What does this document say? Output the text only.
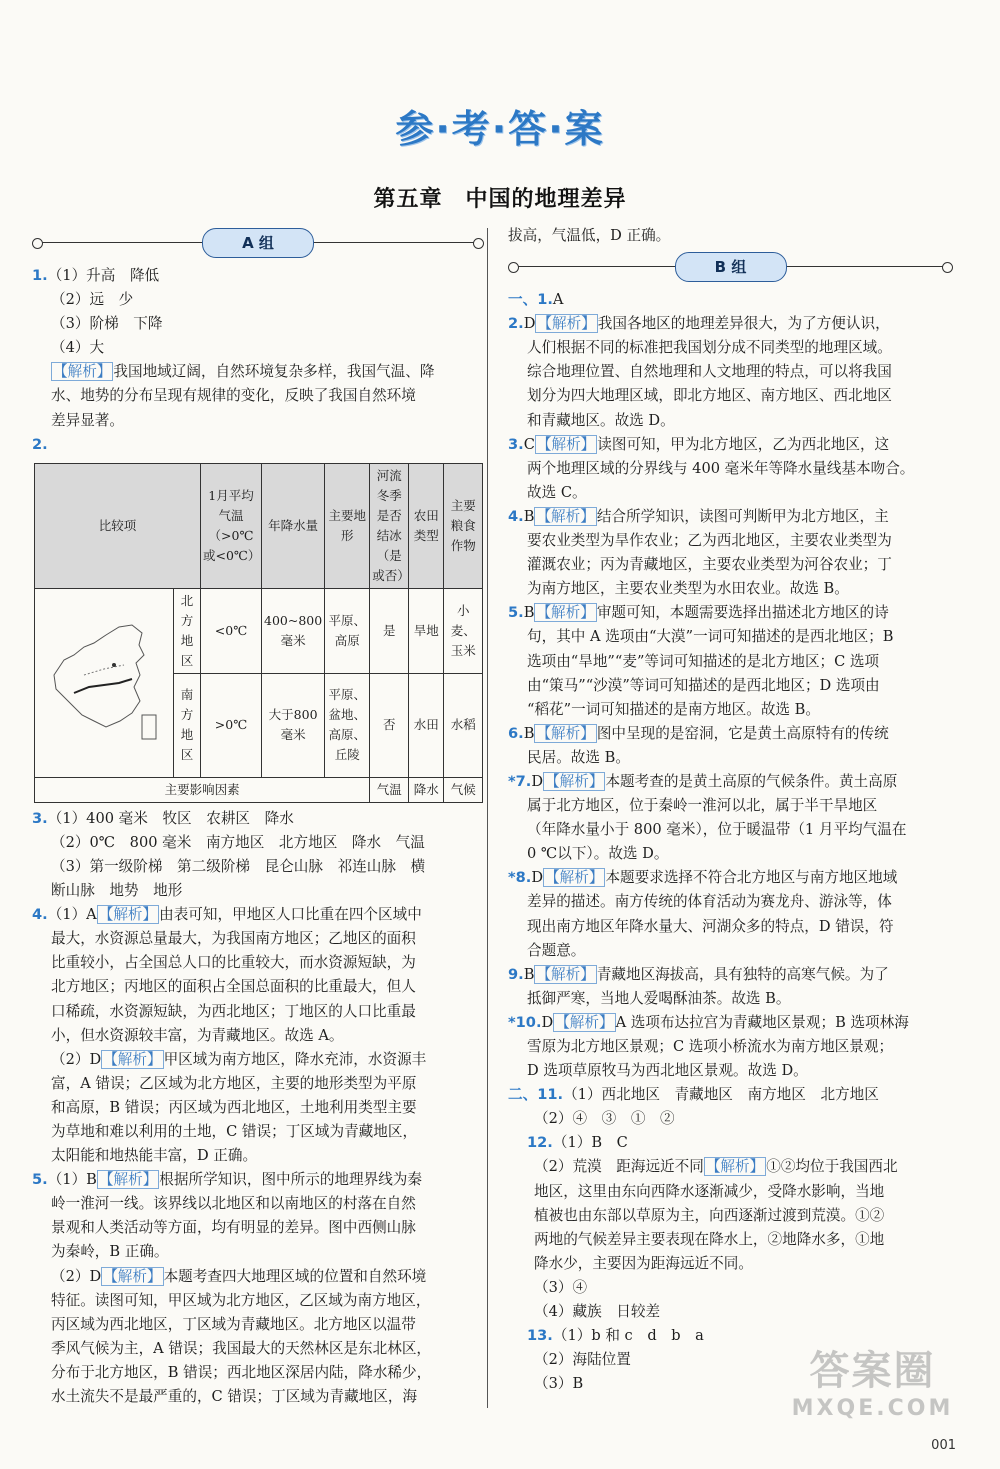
参·考·答·案
第五章　中国的地理差异
A 组
1.（1）升高　降低
（2）远　少
（3）阶梯　下降
（4）大
【解析】 我国地域辽阔，自然环境复杂多样，我国气温、降
水、地势的分布呈现有规律的变化，反映了我国自然环境
差异显著。
2.
比较项		1月平均气温（>0℃或<0℃）	年降水量	主要地形	河流冬季是否结冰（是或否）	农田类型	主要粮食作物
	北方地区	<0℃	400~800毫米	平原、高原	是	旱地	小麦、玉米
	南方地区	>0℃	大于800毫米	平原、盆地、高原、丘陵	否	水田	水稻
主要影响因素					气温	降水	气候
3.（1）400 毫米　牧区　农耕区　降水
（2）0℃　800 毫米　南方地区　北方地区　降水　气温
（3）第一级阶梯　第二级阶梯　昆仑山脉　祁连山脉　横
断山脉　地势　地形
4.（1）A 【解析】 由表可知，甲地区人口比重在四个区域中
最大，水资源总量最大，为我国南方地区；乙地区的面积
比重较小，占全国总人口的比重较大，而水资源短缺，为
北方地区；丙地区的面积占全国总面积的比重最大，但人
口稀疏，水资源短缺，为西北地区；丁地区的人口比重最
小，但水资源较丰富，为青藏地区。故选 A。
（2）D 【解析】 甲区域为南方地区，降水充沛，水资源丰
富，A 错误；乙区域为北方地区，主要的地形类型为平原
和高原，B 错误；丙区域为西北地区，土地利用类型主要
为草地和难以利用的土地，C 错误；丁区域为青藏地区，
太阳能和地热能丰富，D 正确。
5.（1）B 【解析】 根据所学知识，图中所示的地理界线为秦
岭一淮河一线。该界线以北地区和以南地区的村落在自然
景观和人类活动等方面，均有明显的差异。图中西侧山脉
为秦岭，B 正确。
（2）D 【解析】 本题考查四大地理区域的位置和自然环境
特征。读图可知，甲区域为北方地区，乙区域为南方地区，
丙区域为西北地区，丁区域为青藏地区。北方地区以温带
季风气候为主，A 错误；我国最大的天然林区是东北林区，
分布于北方地区，B 错误；西北地区深居内陆，降水稀少，
水土流失不是最严重的，C 错误；丁区域为青藏地区，海
拔高，气温低，D 正确。
B 组
一、1.A
2.D 【解析】 我国各地区的地理差异很大，为了方便认识，
人们根据不同的标准把我国划分成不同类型的地理区域。
综合地理位置、自然地理和人文地理的特点，可以将我国
划分为四大地理区域，即北方地区、南方地区、西北地区
和青藏地区。故选 D。
3.C 【解析】 读图可知，甲为北方地区，乙为西北地区，这
两个地理区域的分界线与 400 毫米年等降水量线基本吻合。
故选 C。
4.B 【解析】 结合所学知识，读图可判断甲为北方地区，主
要农业类型为旱作农业；乙为西北地区，主要农业类型为
灌溉农业；丙为青藏地区，主要农业类型为河谷农业；丁
为南方地区，主要农业类型为水田农业。故选 B。
5.B 【解析】 审题可知，本题需要选择出描述北方地区的诗
句，其中 A 选项由“大漠”一词可知描述的是西北地区；B
选项由“旱地”“麦”等词可知描述的是北方地区；C 选项
由“策马”“沙漠”等词可知描述的是西北地区；D 选项由
“稻花”一词可知描述的是南方地区。故选 B。
6.B 【解析】 图中呈现的是窑洞，它是黄土高原特有的传统
民居。故选 B。
*7.D 【解析】 本题考查的是黄土高原的气候条件。黄土高原
属于北方地区，位于秦岭一淮河以北，属于半干旱地区
（年降水量小于 800 毫米），位于暖温带（1 月平均气温在
0 ℃以下）。故选 D。
*8.D 【解析】 本题要求选择不符合北方地区与南方地区地域
差异的描述。南方传统的体育活动为赛龙舟、游泳等，体
现出南方地区年降水量大、河湖众多的特点，D 错误，符
合题意。
9.B 【解析】 青藏地区海拔高，具有独特的高寒气候。为了
抵御严寒，当地人爱喝酥油茶。故选 B。
*10.D 【解析】 A 选项布达拉宫为青藏地区景观；B 选项林海
雪原为北方地区景观；C 选项小桥流水为南方地区景观；
D 选项草原牧马为西北地区景观。故选 D。
二、11.（1）西北地区　青藏地区　南方地区　北方地区
（2）④　③　①　②
12.（1）B　C
（2）荒漠　距海远近不同 【解析】 ①②均位于我国西北
地区，这里由东向西降水逐渐减少，受降水影响，当地
植被也由东部以草原为主，向西逐渐过渡到荒漠。①②
两地的气候差异主要表现在降水上，②地降水多，①地
降水少，主要因为距海远近不同。
（3）④
（4）藏族　日较差
13.（1）b 和 c　d　b　a
（2）海陆位置
（3）B	答案圈
MXQE.COM
001
